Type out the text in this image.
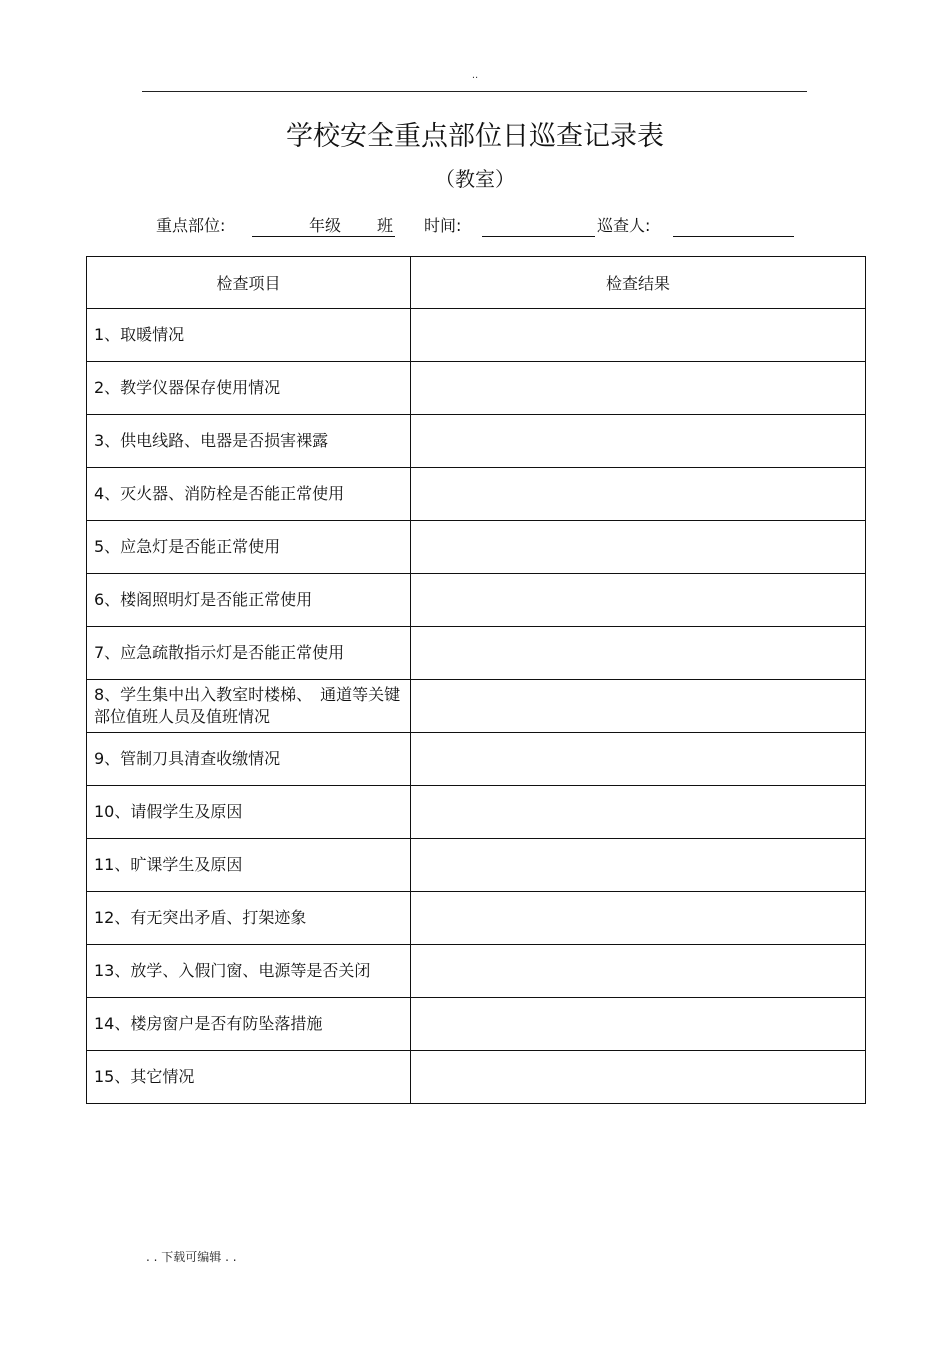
..
学校安全重点部位日巡查记录表
（教室）
重点部位:	年级 班 时间:	巡查人:
检查项目	检查结果
1、取暖情况	
2、教学仪器保存使用情况	
3、供电线路、电器是否损害裸露	
4、灭火器、消防栓是否能正常使用	
5、应急灯是否能正常使用	
6、楼阁照明灯是否能正常使用	
7、应急疏散指示灯是否能正常使用	
8、学生集中出入教室时楼梯、　通道等关键部位值班人员及值班情况	
9、管制刀具清查收缴情况	
10、请假学生及原因	
11、旷课学生及原因	
12、有无突出矛盾、打架迹象	
13、放学、入假门窗、电源等是否关闭	
14、楼房窗户是否有防坠落措施	
15、其它情况	
. . 下载可编辑 . .
